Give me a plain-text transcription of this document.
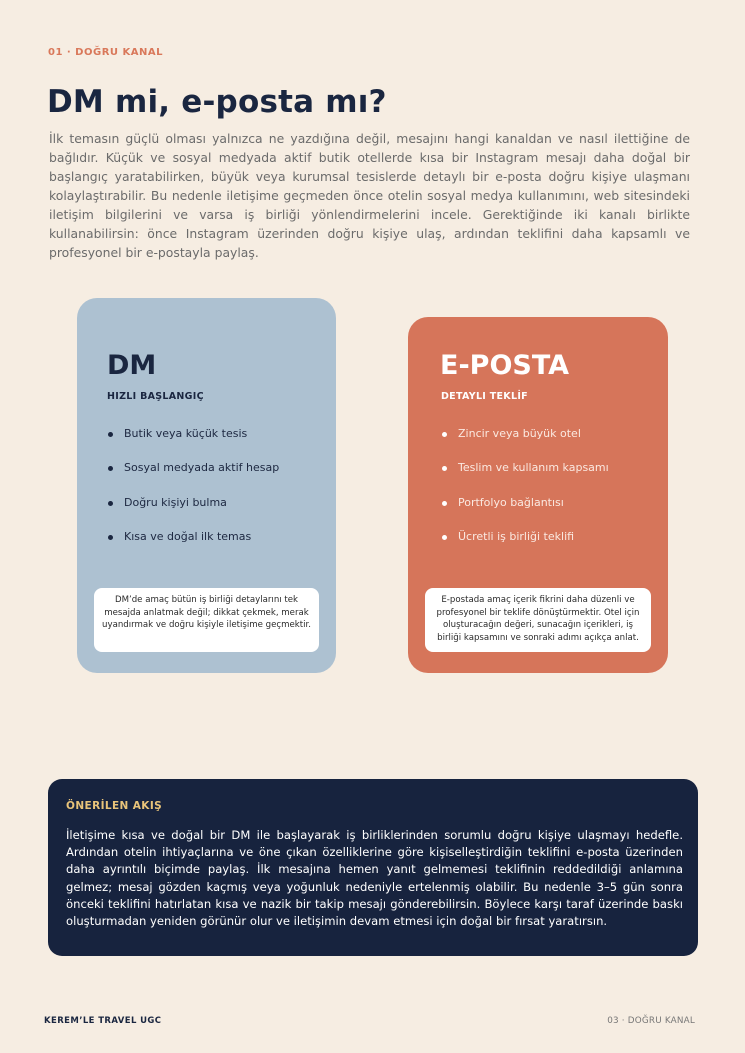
01 · DOĞRU KANAL
DM mi, e-posta mı?

İlk temasın güçlü olması yalnızca ne yazdığına değil, mesajını hangi kanaldan ve nasıl ilettiğine de bağlıdır. Küçük ve sosyal medyada aktif butik otellerde kısa bir Instagram mesajı daha doğal bir başlangıç yaratabilirken, büyük veya kurumsal tesislerde detaylı bir e-posta doğru kişiye ulaşmanı kolaylaştırabilir. Bu nedenle iletişime geçmeden önce otelin sosyal medya kullanımını, web sitesindeki iletişim bilgilerini ve varsa iş birliği yönlendirmelerini incele. Gerektiğinde iki kanalı birlikte kullanabilirsin: önce Instagram üzerinden doğru kişiye ulaş, ardından teklifini daha kapsamlı ve profesyonel bir e-postayla paylaş.

DM
HIZLI BAŞLANGIÇ
Butik veya küçük tesis
Sosyal medyada aktif hesap
Doğru kişiyi bulma
Kısa ve doğal ilk temas
DM’de amaç bütün iş birliği detaylarını tek mesajda anlatmak değil; dikkat çekmek, merak uyandırmak ve doğru kişiyle iletişime geçmektir.
E-POSTA
DETAYLI TEKLİF
Zincir veya büyük otel
Teslim ve kullanım kapsamı
Portfolyo bağlantısı
Ücretli iş birliği teklifi
E-postada amaç içerik fikrini daha düzenli ve profesyonel bir teklife dönüştürmektir. Otel için oluşturacağın değeri, sunacağın içerikleri, iş birliği kapsamını ve sonraki adımı açıkça anlat.
ÖNERİLEN AKIŞ

İletişime kısa ve doğal bir DM ile başlayarak iş birliklerinden sorumlu doğru kişiye ulaşmayı hedefle. Ardından otelin ihtiyaçlarına ve öne çıkan özelliklerine göre kişiselleştirdiğin teklifini e-posta üzerinden daha ayrıntılı biçimde paylaş. İlk mesajına hemen yanıt gelmemesi teklifinin reddedildiği anlamına gelmez; mesaj gözden kaçmış veya yoğunluk nedeniyle ertelenmiş olabilir. Bu nedenle 3–5 gün sonra önceki teklifini hatırlatan kısa ve nazik bir takip mesajı gönderebilirsin. Böylece karşı taraf üzerinde baskı oluşturmadan yeniden görünür olur ve iletişimin devam etmesi için doğal bir fırsat yaratırsın.

KEREM’LE TRAVEL UGC	03 · DOĞRU KANAL
